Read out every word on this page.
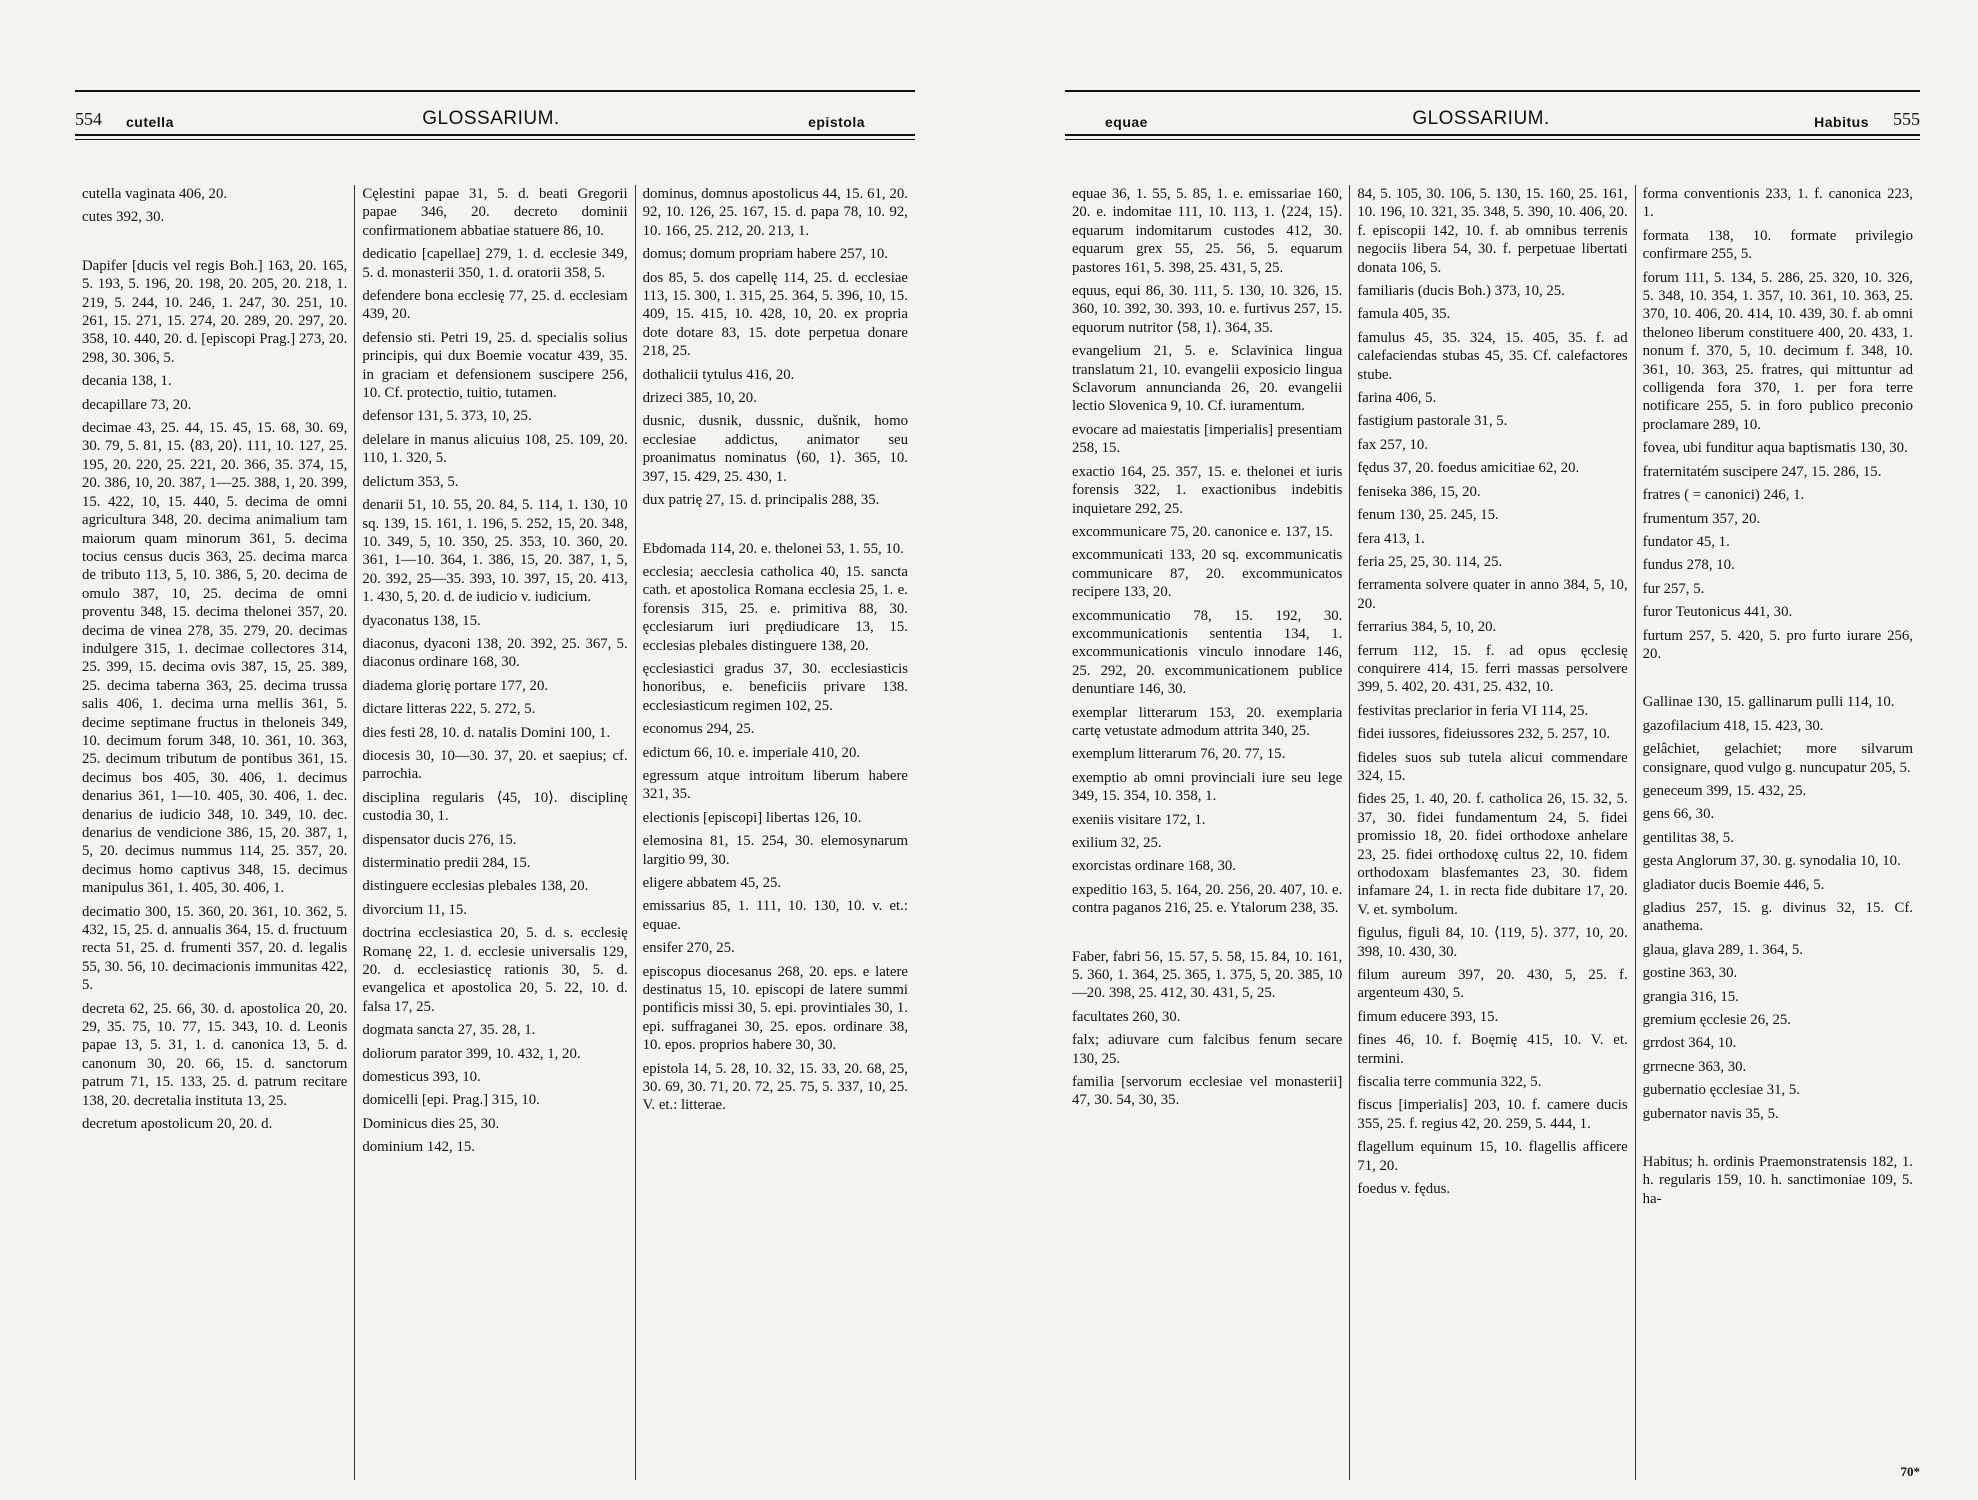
554 cutella	GLOSSARIUM.	epistola

cutella vaginata 406, 20.

cutes 392, 30.

Dapifer [ducis vel regis Boh.] 163, 20. 165, 5. 193, 5. 196, 20. 198, 20. 205, 20. 218, 1. 219, 5. 244, 10. 246, 1. 247, 30. 251, 10. 261, 15. 271, 15. 274, 20. 289, 20. 297, 20. 358, 10. 440, 20. d. [episcopi Prag.] 273, 20. 298, 30. 306, 5.

decania 138, 1.

decapillare 73, 20.

decimae 43, 25. 44, 15. 45, 15. 68, 30. 69, 30. 79, 5. 81, 15. ⟨83, 20⟩. 111, 10. 127, 25. 195, 20. 220, 25. 221, 20. 366, 35. 374, 15, 20. 386, 10, 20. 387, 1—25. 388, 1, 20. 399, 15. 422, 10, 15. 440, 5. decima de omni agricultura 348, 20. decima animalium tam maiorum quam minorum 361, 5. decima tocius census ducis 363, 25. decima marca de tributo 113, 5, 10. 386, 5, 20. decima de omulo 387, 10, 25. decima de omni proventu 348, 15. decima thelonei 357, 20. decima de vinea 278, 35. 279, 20. decimas indulgere 315, 1. decimae collectores 314, 25. 399, 15. decima ovis 387, 15, 25. 389, 25. decima taberna 363, 25. decima trussa salis 406, 1. decima urna mellis 361, 5. decime septimane fructus in theloneis 349, 10. decimum forum 348, 10. 361, 10. 363, 25. decimum tributum de pontibus 361, 15. decimus bos 405, 30. 406, 1. decimus denarius 361, 1—10. 405, 30. 406, 1. dec. denarius de iudicio 348, 10. 349, 10. dec. denarius de vendicione 386, 15, 20. 387, 1, 5, 20. decimus nummus 114, 25. 357, 20. decimus homo captivus 348, 15. decimus manipulus 361, 1. 405, 30. 406, 1.

decimatio 300, 15. 360, 20. 361, 10. 362, 5. 432, 15, 25. d. annualis 364, 15. d. fructuum recta 51, 25. d. frumenti 357, 20. d. legalis 55, 30. 56, 10. decimacionis immunitas 422, 5.

decreta 62, 25. 66, 30. d. apostolica 20, 20. 29, 35. 75, 10. 77, 15. 343, 10. d. Leonis papae 13, 5. 31, 1. d. canonica 13, 5. d. canonum 30, 20. 66, 15. d. sanctorum patrum 71, 15. 133, 25. d. patrum recitare 138, 20. decretalia instituta 13, 25.

decretum apostolicum 20, 20. d.

Cęlestini papae 31, 5. d. beati Gregorii papae 346, 20. decreto dominii confirmationem abbatiae statuere 86, 10.

dedicatio [capellae] 279, 1. d. ecclesie 349, 5. d. monasterii 350, 1. d. oratorii 358, 5.

defendere bona ecclesię 77, 25. d. ecclesiam 439, 20.

defensio sti. Petri 19, 25. d. specialis solius principis, qui dux Boemie vocatur 439, 35. in graciam et defensionem suscipere 256, 10. Cf. protectio, tuitio, tutamen.

defensor 131, 5. 373, 10, 25.

delelare in manus alicuius 108, 25. 109, 20. 110, 1. 320, 5.

delictum 353, 5.

denarii 51, 10. 55, 20. 84, 5. 114, 1. 130, 10 sq. 139, 15. 161, 1. 196, 5. 252, 15, 20. 348, 10. 349, 5, 10. 350, 25. 353, 10. 360, 20. 361, 1—10. 364, 1. 386, 15, 20. 387, 1, 5, 20. 392, 25—35. 393, 10. 397, 15, 20. 413, 1. 430, 5, 20. d. de iudicio v. iudicium.

dyaconatus 138, 15.

diaconus, dyaconi 138, 20. 392, 25. 367, 5. diaconus ordinare 168, 30.

diadema glorię portare 177, 20.

dictare litteras 222, 5. 272, 5.

dies festi 28, 10. d. natalis Domini 100, 1.

diocesis 30, 10—30. 37, 20. et saepius; cf. parrochia.

disciplina regularis ⟨45, 10⟩. disciplinę custodia 30, 1.

dispensator ducis 276, 15.

disterminatio predii 284, 15.

distinguere ecclesias plebales 138, 20.

divorcium 11, 15.

doctrina ecclesiastica 20, 5. d. s. ecclesię Romanę 22, 1. d. ecclesie universalis 129, 20. d. ecclesiasticę rationis 30, 5. d. evangelica et apostolica 20, 5. 22, 10. d. falsa 17, 25.

dogmata sancta 27, 35. 28, 1.

doliorum parator 399, 10. 432, 1, 20.

domesticus 393, 10.

domicelli [epi. Prag.] 315, 10.

Dominicus dies 25, 30.

dominium 142, 15.

dominus, domnus apostolicus 44, 15. 61, 20. 92, 10. 126, 25. 167, 15. d. papa 78, 10. 92, 10. 166, 25. 212, 20. 213, 1.

domus; domum propriam habere 257, 10.

dos 85, 5. dos capellę 114, 25. d. ecclesiae 113, 15. 300, 1. 315, 25. 364, 5. 396, 10, 15. 409, 15. 415, 10. 428, 10, 20. ex propria dote dotare 83, 15. dote perpetua donare 218, 25.

dothalicii tytulus 416, 20.

drizeci 385, 10, 20.

dusnic, dusnik, dussnic, dušnik, homo ecclesiae addictus, animator seu proanimatus nominatus ⟨60, 1⟩. 365, 10. 397, 15. 429, 25. 430, 1.

dux patrię 27, 15. d. principalis 288, 35.

Ebdomada 114, 20. e. thelonei 53, 1. 55, 10.

ecclesia; aecclesia catholica 40, 15. sancta cath. et apostolica Romana ecclesia 25, 1. e. forensis 315, 25. e. primitiva 88, 30. ęcclesiarum iuri prędiudicare 13, 15. ecclesias plebales distinguere 138, 20.

ęcclesiastici gradus 37, 30. ecclesiasticis honoribus, e. beneficiis privare 138. ecclesiasticum regimen 102, 25.

economus 294, 25.

edictum 66, 10. e. imperiale 410, 20.

egressum atque introitum liberum habere 321, 35.

electionis [episcopi] libertas 126, 10.

elemosina 81, 15. 254, 30. elemosynarum largitio 99, 30.

eligere abbatem 45, 25.

emissarius 85, 1. 111, 10. 130, 10. v. et.: equae.

ensifer 270, 25.

episcopus diocesanus 268, 20. eps. e latere destinatus 15, 10. episcopi de latere summi pontificis missi 30, 5. epi. provintiales 30, 1. epi. suffraganei 30, 25. epos. ordinare 38, 10. epos. proprios habere 30, 30.

epistola 14, 5. 28, 10. 32, 15. 33, 20. 68, 25, 30. 69, 30. 71, 20. 72, 25. 75, 5. 337, 10, 25. V. et.: litterae.

equae	GLOSSARIUM.	Habitus 555

equae 36, 1. 55, 5. 85, 1. e. emissariae 160, 20. e. indomitae 111, 10. 113, 1. ⟨224, 15⟩. equarum indomitarum custodes 412, 30. equarum grex 55, 25. 56, 5. equarum pastores 161, 5. 398, 25. 431, 5, 25.

equus, equi 86, 30. 111, 5. 130, 10. 326, 15. 360, 10. 392, 30. 393, 10. e. furtivus 257, 15. equorum nutritor ⟨58, 1⟩. 364, 35.

evangelium 21, 5. e. Sclavinica lingua translatum 21, 10. evangelii exposicio lingua Sclavorum annunciandа 26, 20. evangelii lectio Slovenica 9, 10. Cf. iuramentum.

evocare ad maiestatis [imperialis] presentiam 258, 15.

exactio 164, 25. 357, 15. e. thelonei et iuris forensis 322, 1. exactionibus indebitis inquietare 292, 25.

excommunicare 75, 20. canonice e. 137, 15.

excommunicati 133, 20 sq. excommunicatis communicare 87, 20. excommunicatos recipere 133, 20.

excommunicatio 78, 15. 192, 30. excommunicationis sententia 134, 1. excommunicationis vinculo innodare 146, 25. 292, 20. excommunicationem publice denuntiare 146, 30.

exemplar litterarum 153, 20. exemplaria cartę vetustate admodum attrita 340, 25.

exemplum litterarum 76, 20. 77, 15.

exemptio ab omni provinciali iure seu lege 349, 15. 354, 10. 358, 1.

exeniis visitare 172, 1.

exilium 32, 25.

exorcistas ordinare 168, 30.

expeditio 163, 5. 164, 20. 256, 20. 407, 10. e. contra paganos 216, 25. e. Ytalorum 238, 35.

Faber, fabri 56, 15. 57, 5. 58, 15. 84, 10. 161, 5. 360, 1. 364, 25. 365, 1. 375, 5, 20. 385, 10—20. 398, 25. 412, 30. 431, 5, 25.

facultates 260, 30.

falx; adiuvare cum falcibus fenum secare 130, 25.

familia [servorum ecclesiae vel monasterii] 47, 30. 54, 30, 35.

84, 5. 105, 30. 106, 5. 130, 15. 160, 25. 161, 10. 196, 10. 321, 35. 348, 5. 390, 10. 406, 20. f. episcopii 142, 10. f. ab omnibus terrenis negociis libera 54, 30. f. perpetuae libertati donata 106, 5.

familiaris (ducis Boh.) 373, 10, 25.

famula 405, 35.

famulus 45, 35. 324, 15. 405, 35. f. ad calefaciendas stubas 45, 35. Cf. calefactores stube.

farina 406, 5.

fastigium pastorale 31, 5.

fax 257, 10.

fędus 37, 20. foedus amicitiae 62, 20.

feniseka 386, 15, 20.

fenum 130, 25. 245, 15.

fera 413, 1.

feria 25, 25, 30. 114, 25.

ferramenta solvere quater in anno 384, 5, 10, 20.

ferrarius 384, 5, 10, 20.

ferrum 112, 15. f. ad opus ęcclesię conquirere 414, 15. ferri massas persolvere 399, 5. 402, 20. 431, 25. 432, 10.

festivitas preclarior in feria VI 114, 25.

fidei iussores, fideiussores 232, 5. 257, 10.

fideles suos sub tutela alicui commendare 324, 15.

fides 25, 1. 40, 20. f. catholica 26, 15. 32, 5. 37, 30. fidei fundamentum 24, 5. fidei promissio 18, 20. fidei orthodoxe anhelare 23, 25. fidei orthodoxę cultus 22, 10. fidem orthodoxam blasfemantes 23, 30. fidem infamare 24, 1. in recta fide dubitare 17, 20. V. et. symbolum.

figulus, figuli 84, 10. ⟨119, 5⟩. 377, 10, 20. 398, 10. 430, 30.

filum aureum 397, 20. 430, 5, 25. f. argenteum 430, 5.

fimum educere 393, 15.

fines 46, 10. f. Boęmię 415, 10. V. et. termini.

fiscalia terre communia 322, 5.

fiscus [imperialis] 203, 10. f. camere ducis 355, 25. f. regius 42, 20. 259, 5. 444, 1.

flagellum equinum 15, 10. flagellis afficere 71, 20.

foedus v. fędus.

forma conventionis 233, 1. f. canonica 223, 1.

formata 138, 10. formate privilegio confirmare 255, 5.

forum 111, 5. 134, 5. 286, 25. 320, 10. 326, 5. 348, 10. 354, 1. 357, 10. 361, 10. 363, 25. 370, 10. 406, 20. 414, 10. 439, 30. f. ab omni theloneo liberum constituere 400, 20. 433, 1. nonum f. 370, 5, 10. decimum f. 348, 10. 361, 10. 363, 25. fratres, qui mittuntur ad colligenda fora 370, 1. per fora terre notificare 255, 5. in foro publico preconio proclamare 289, 10.

fovea, ubi funditur aqua baptismatis 130, 30.

fraternitatém suscipere 247, 15. 286, 15.

fratres ( = canonici) 246, 1.

frumentum 357, 20.

fundator 45, 1.

fundus 278, 10.

fur 257, 5.

furor Teutonicus 441, 30.

furtum 257, 5. 420, 5. pro furto iurare 256, 20.

Gallinae 130, 15. gallinarum pulli 114, 10.

gazofilacium 418, 15. 423, 30.

gelâchiet, gelachiet; more silvarum consignare, quod vulgo g. nuncupatur 205, 5.

geneceum 399, 15. 432, 25.

gens 66, 30.

gentilitas 38, 5.

gesta Anglorum 37, 30. g. synodalia 10, 10.

gladiator ducis Boemie 446, 5.

gladius 257, 15. g. divinus 32, 15. Cf. anathema.

glaua, glava 289, 1. 364, 5.

gostine 363, 30.

grangia 316, 15.

gremium ęcclesie 26, 25.

grrdost 364, 10.

grrnecne 363, 30.

gubernatio ęcclesiae 31, 5.

gubernator navis 35, 5.

Habitus; h. ordinis Praemonstratensis 182, 1. h. regularis 159, 10. h. sanctimoniae 109, 5. ha-

70*
